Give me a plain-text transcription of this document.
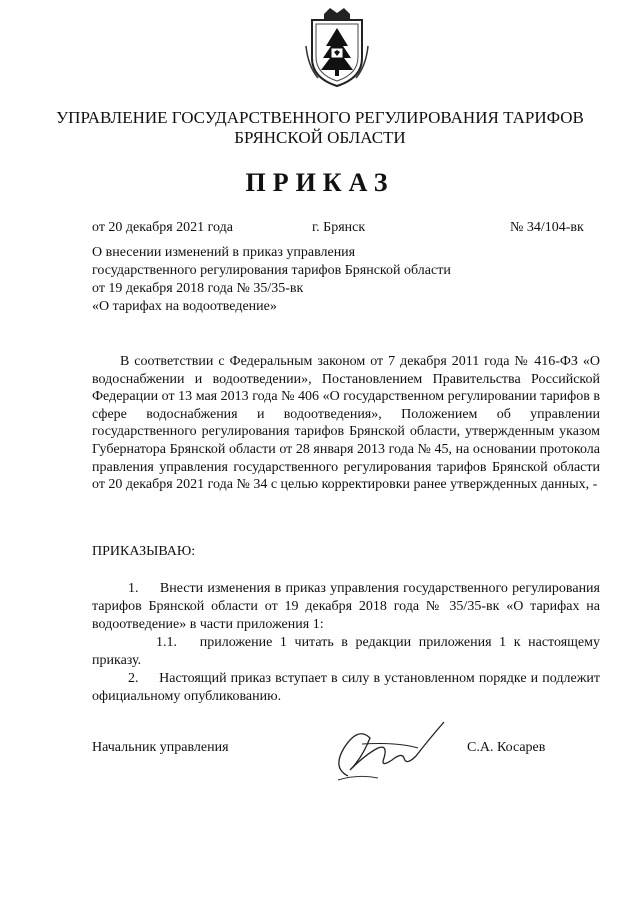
УПРАВЛЕНИЕ ГОСУДАРСТВЕННОГО РЕГУЛИРОВАНИЯ ТАРИФОВ
БРЯНСКОЙ ОБЛАСТИ
ПРИКАЗ
от 20 декабря 2021 года	г. Брянск	№ 34/104-вк
О внесении изменений в приказ управления
государственного регулирования тарифов Брянской области
от 19 декабря 2018 года № 35/35-вк
«О тарифах на водоотведение»
В соответствии с Федеральным законом от 7 декабря 2011 года № 416-ФЗ «О водоснабжении и водоотведении», Постановлением Правительства Российской Федерации от 13 мая 2013 года № 406 «О государственном регулировании тарифов в сфере водоснабжения и водоотведения», Положением об управлении государственного регулирования тарифов Брянской области, утвержденным указом Губернатора Брянской области от 28 января 2013 года № 45, на основании протокола правления управления государственного регулирования тарифов Брянской области от 20 декабря 2021 года № 34 с целью корректировки ранее утвержденных данных, -
ПРИКАЗЫВАЮ:
1.     Внести изменения в приказ управления государственного регулирования тарифов Брянской области от 19 декабря 2018 года № 35/35-вк «О тарифах на водоотведение» в части приложения 1:
1.1.   приложение 1 читать в редакции приложения 1 к настоящему приказу.
2.     Настоящий приказ вступает в силу в установленном порядке и подлежит официальному опубликованию.
Начальник управления	С.А. Косарев
